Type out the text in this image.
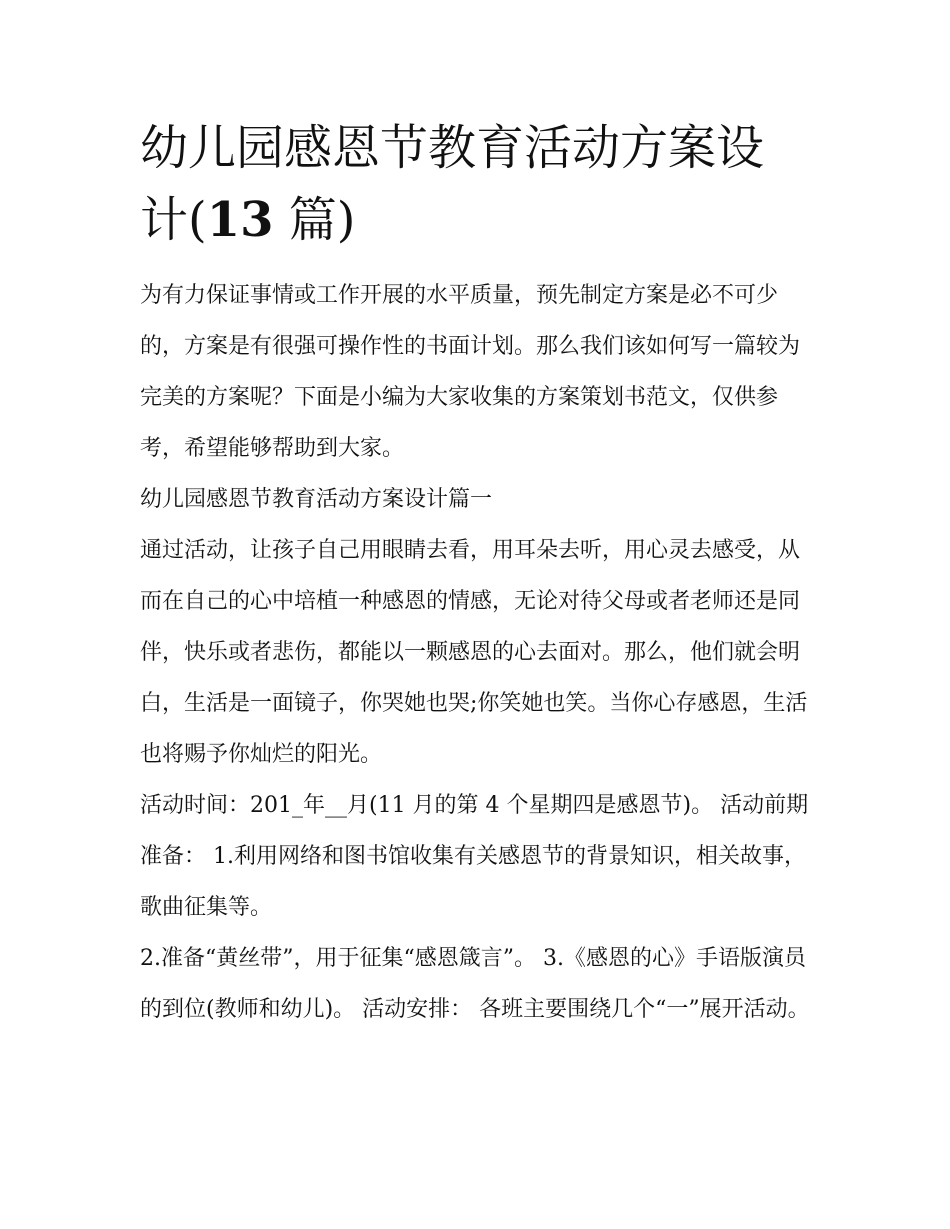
幼儿园感恩节教育活动方案设
计(13 篇)

为有力保证事情或工作开展的水平质量，预先制定方案是必不可少的，方案是有很强可操作性的书面计划。那么我们该如何写一篇较为完美的方案呢？下面是小编为大家收集的方案策划书范文，仅供参考，希望能够帮助到大家。

幼儿园感恩节教育活动方案设计篇一

通过活动，让孩子自己用眼睛去看，用耳朵去听，用心灵去感受，从而在自己的心中培植一种感恩的情感，无论对待父母或者老师还是同伴，快乐或者悲伤，都能以一颗感恩的心去面对。那么，他们就会明白，生活是一面镜子，你哭她也哭;你笑她也笑。当你心存感恩，生活也将赐予你灿烂的阳光。

活动时间：201_年__月(11 月的第 4 个星期四是感恩节)。 活动前期准备： 1.利用网络和图书馆收集有关感恩节的背景知识，相关故事，歌曲征集等。

2.准备“黄丝带”，用于征集“感恩箴言”。 3.《感恩的心》手语版演员的到位(教师和幼儿)。 活动安排： 各班主要围绕几个“一”展开活动。
